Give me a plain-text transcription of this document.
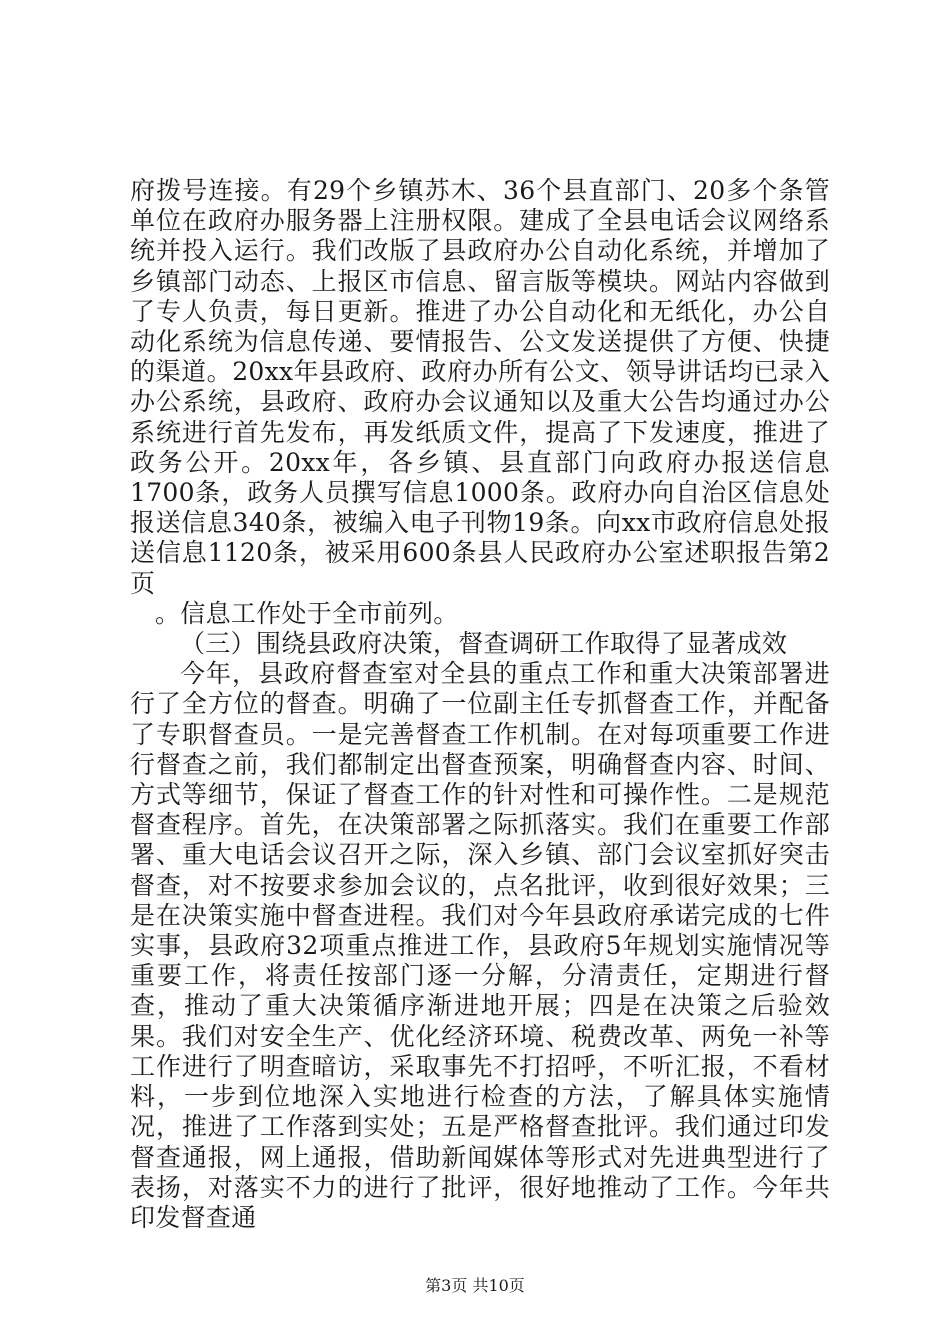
府拨号连接。有29个乡镇苏木、36个县直部门、20多个条管单位在政府办服务器上注册权限。建成了全县电话会议网络系统并投入运行。我们改版了县政府办公自动化系统，并增加了乡镇部门动态、上报区市信息、留言版等模块。网站内容做到了专人负责，每日更新。推进了办公自动化和无纸化，办公自动化系统为信息传递、要情报告、公文发送提供了方便、快捷的渠道。20xx年县政府、政府办所有公文、领导讲话均已录入办公系统，县政府、政府办会议通知以及重大公告均通过办公系统进行首先发布，再发纸质文件，提高了下发速度，推进了政务公开。20xx年，各乡镇、县直部门向政府办报送信息1700条，政务人员撰写信息1000条。政府办向自治区信息处报送信息340条，被编入电子刊物19条。向xx市政府信息处报送信息1120条，被采用600条县人民政府办公室述职报告第2页

。信息工作处于全市前列。

（三）围绕县政府决策，督查调研工作取得了显著成效

今年，县政府督查室对全县的重点工作和重大决策部署进行了全方位的督查。明确了一位副主任专抓督查工作，并配备了专职督查员。一是完善督查工作机制。在对每项重要工作进行督查之前，我们都制定出督查预案，明确督查内容、时间、方式等细节，保证了督查工作的针对性和可操作性。二是规范督查程序。首先，在决策部署之际抓落实。我们在重要工作部署、重大电话会议召开之际，深入乡镇、部门会议室抓好突击督查，对不按要求参加会议的，点名批评，收到很好效果；三是在决策实施中督查进程。我们对今年县政府承诺完成的七件实事，县政府32项重点推进工作，县政府5年规划实施情况等重要工作，将责任按部门逐一分解，分清责任，定期进行督查，推动了重大决策循序渐进地开展；四是在决策之后验效果。我们对安全生产、优化经济环境、税费改革、两免一补等工作进行了明查暗访，采取事先不打招呼，不听汇报，不看材料，一步到位地深入实地进行检查的方法，了解具体实施情况，推进了工作落到实处；五是严格督查批评。我们通过印发督查通报，网上通报，借助新闻媒体等形式对先进典型进行了表扬，对落实不力的进行了批评，很好地推动了工作。今年共印发督查通

第3页 共10页
